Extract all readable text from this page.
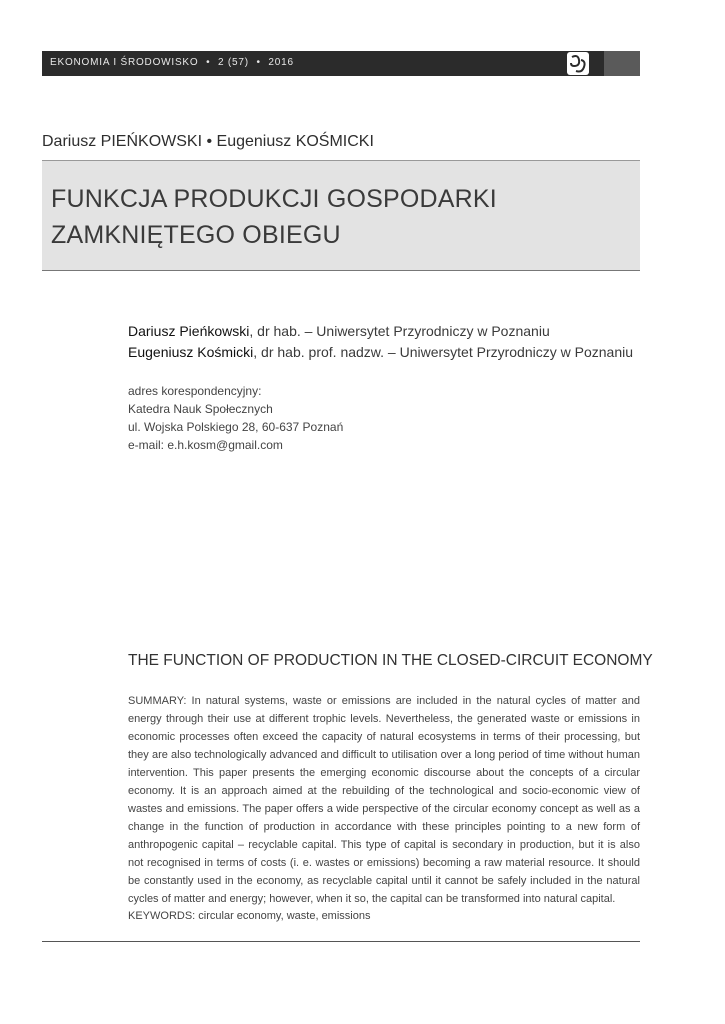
EKONOMIA I ŚRODOWISKO • 2 (57) • 2016
Dariusz PIEŃKOWSKI • Eugeniusz KOŚMICKI
FUNKCJA PRODUKCJI GOSPODARKI
ZAMKNIĘTEGO OBIEGU
Dariusz Pieńkowski, dr hab. – Uniwersytet Przyrodniczy w Poznaniu
Eugeniusz Kośmicki, dr hab. prof. nadzw. – Uniwersytet Przyrodniczy w Poznaniu
adres korespondencyjny:
Katedra Nauk Społecznych
ul. Wojska Polskiego 28, 60-637 Poznań
e-mail: e.h.kosm@gmail.com
THE FUNCTION OF PRODUCTION IN THE CLOSED-CIRCUIT ECONOMY
SUMMARY: In natural systems, waste or emissions are included in the natural cycles of matter and energy through their use at different trophic levels. Nevertheless, the generated waste or emissions in economic processes often exceed the capacity of natural ecosystems in terms of their processing, but they are also technologically advanced and difficult to utilisation over a long period of time without human intervention. This paper presents the emerging economic discourse about the concepts of a circular economy. It is an approach aimed at the rebuilding of the technological and socio-economic view of wastes and emissions. The paper offers a wide perspective of the circular economy concept as well as a change in the function of production in accordance with these principles pointing to a new form of anthropogenic capital – recyclable capital. This type of capital is secondary in production, but it is also not recognised in terms of costs (i. e. wastes or emissions) becoming a raw material resource. It should be constantly used in the economy, as recyclable capital until it cannot be safely included in the natural cycles of matter and energy; however, when it so, the capital can be transformed into natural capital.
KEYWORDS: circular economy, waste, emissions
